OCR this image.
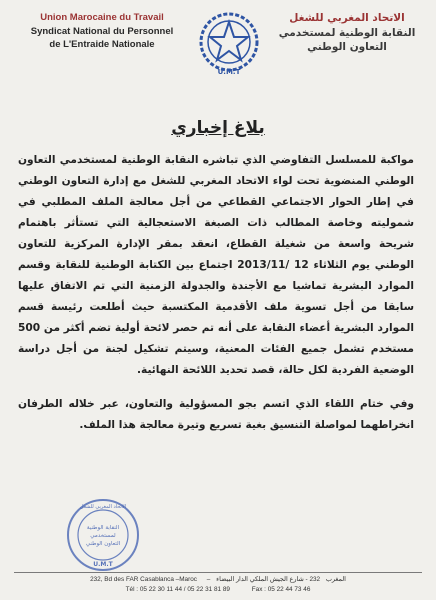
Union Marocaine du Travail
Syndicat National du Personnel
de L'Entraide Nationale
U.M.T
الاتحاد المغربي للشغل
النقابة الوطنية لمستخدمي
التعاون الوطني
بلاغ إخباري

مواكبة للمسلسل التفاوضي الذي تباشره النقابة الوطنية لمستخدمي التعاون الوطني المنضوية تحت لواء الاتحاد المغربي للشغل مع إدارة التعاون الوطني في إطار الحوار الاجتماعي القطاعي من أجل معالجة الملف المطلبي في شموليته وخاصة المطالب ذات الصبغة الاستعجالية التي تستأثر باهتمام شريحة واسعة من شغيلة القطاع، انعقد بمقر الإدارة المركزية للتعاون الوطني يوم الثلاثاء 12 /2013/11 اجتماع بين الكتابة الوطنية للنقابة وقسم الموارد البشرية تماشيا مع الأجندة والجدولة الزمنية التي تم الاتفاق عليها سابقا من أجل تسوية ملف الأقدمية المكتسبة حيث أطلعت رئيسة قسم الموارد البشرية أعضاء النقابة على أنه تم حصر لائحة أولية تضم أكثر من 500 مستخدم تشمل جميع الفئات المعنية، وسيتم تشكيل لجنة من أجل دراسة الوضعية الفردية لكل حالة، قصد تحديد اللائحة النهائية.

وفي ختام اللقاء الذي اتسم بجو المسؤولية والتعاون، عبر خلاله الطرفان انخراطهما لمواصلة التنسيق بغية تسريع وتيرة معالجة هذا الملف.

الاتحاد المغربي للشغل
النقابة الوطنية
لمستخدمي
التعاون الوطني
U.M.T
232, Bd des FAR Casablanca –Maroc – المغرب 232 - شارع الجيش الملكي الدار البيضاء
Tél : 05 22 30 11 44 / 05 22 31 81 89	Fax : 05 22 44 73 46
